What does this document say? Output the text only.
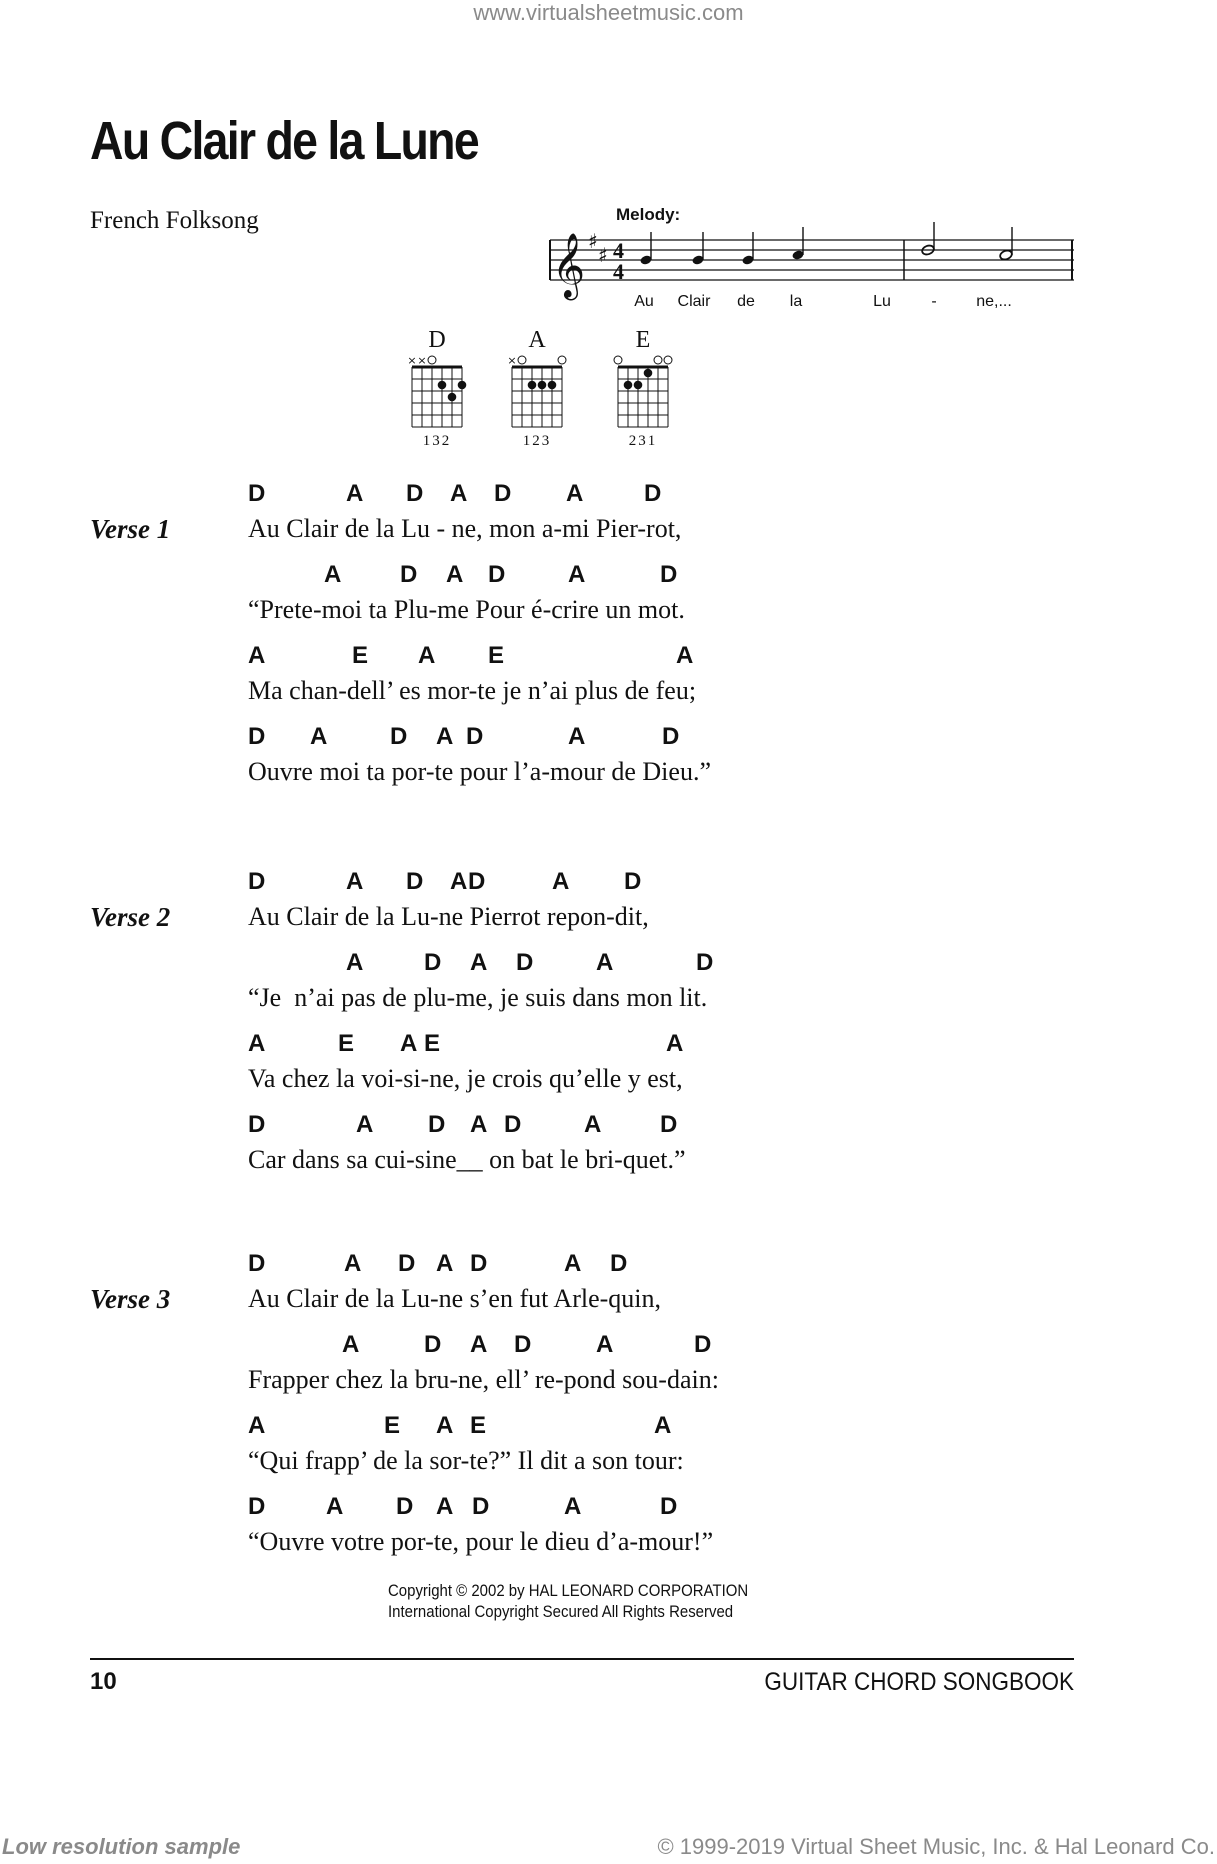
www.virtualsheetmusic.com
Au Clair de la Lune
French Folksong	Melody:
𝄞 ♯
♯ 4
4
Au Clair de la	Lu	- ne,...
D
× ×
132
A
×
123
E
231
Verse 1
D	A D A D A	D
Au Clair de la Lu - ne, mon a-mi Pier-rot,
A D A D	A	D
“Prete-moi ta Plu-me Pour é-crire un mot.
A	E A E	A
Ma chan-dell’ es mor-te je n’ai plus de feu;
D A	D A D	A	D
Ouvre moi ta por-te pour l’a-mour de Dieu.”
Verse 2
D	A D A D	A D
Au Clair de la Lu-ne Pierrot repon-dit,
A	D A D	A	D
“Je  n’ai pas de plu-me, je suis dans mon lit.
A	E A E	A
Va chez la voi-si-ne, je crois qu’elle y est,
D	A D A D	A D
Car dans sa cui-sine__ on bat le bri-quet.”
Verse 3
D	A D A D	A D
Au Clair de la Lu-ne s’en fut Arle-quin,
A	D A D	A	D
Frapper chez la bru-ne, ell’ re-pond sou-dain:
A	E A E	A
“Qui frapp’ de la sor-te?” Il dit a son tour:
D	A D A D	A	D
“Ouvre votre por-te, pour le dieu d’a-mour!”
Copyright © 2002 by HAL LEONARD CORPORATION
International Copyright Secured All Rights Reserved
10	GUITAR CHORD SONGBOOK
Low resolution sample	© 1999-2019 Virtual Sheet Music, Inc. & Hal Leonard Co.
